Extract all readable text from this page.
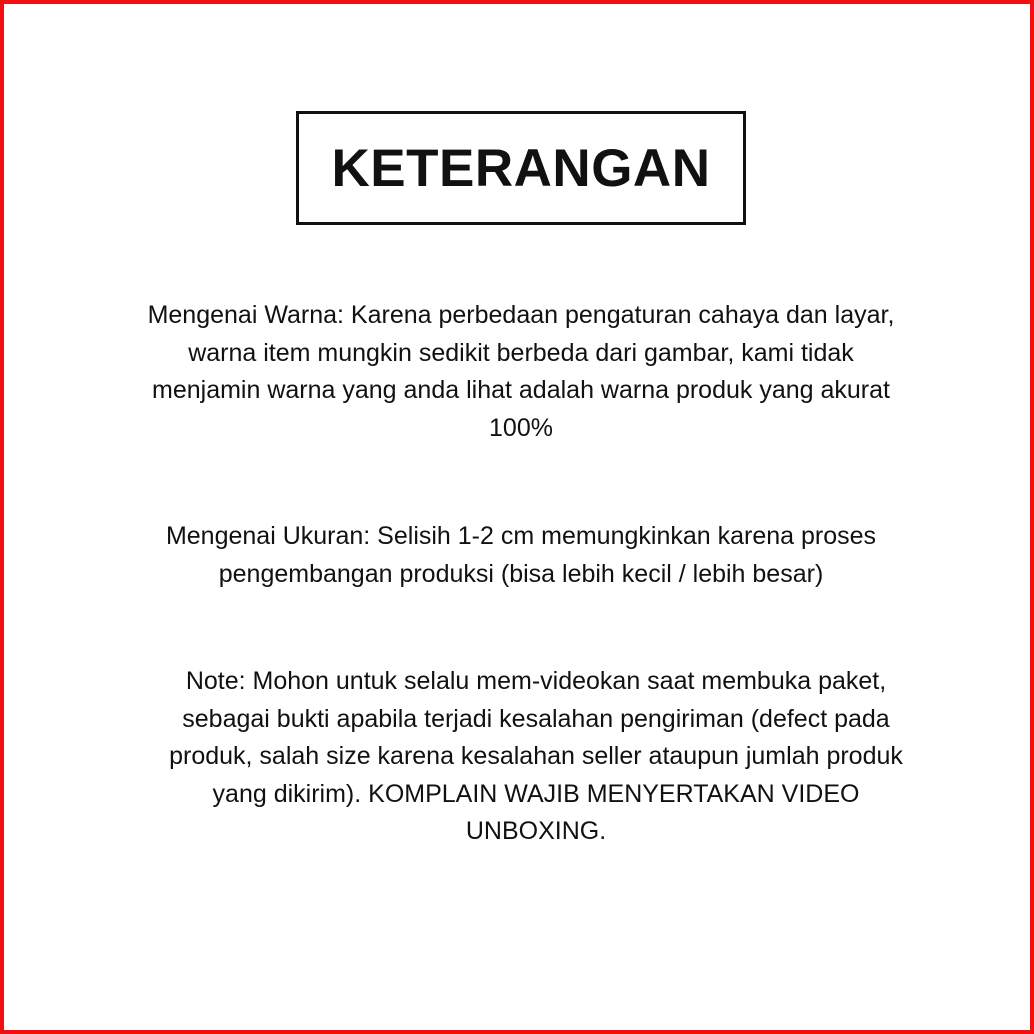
KETERANGAN

Mengenai Warna: Karena perbedaan pengaturan cahaya dan layar,
warna item mungkin sedikit berbeda dari gambar, kami tidak
menjamin warna yang anda lihat adalah warna produk yang akurat
100%

Mengenai Ukuran: Selisih 1-2 cm memungkinkan karena proses
pengembangan produksi (bisa lebih kecil / lebih besar)

Note: Mohon untuk selalu mem-videokan saat membuka paket,
sebagai bukti apabila terjadi kesalahan pengiriman (defect pada
produk, salah size karena kesalahan seller ataupun jumlah produk
yang dikirim). KOMPLAIN WAJIB MENYERTAKAN VIDEO
UNBOXING.
